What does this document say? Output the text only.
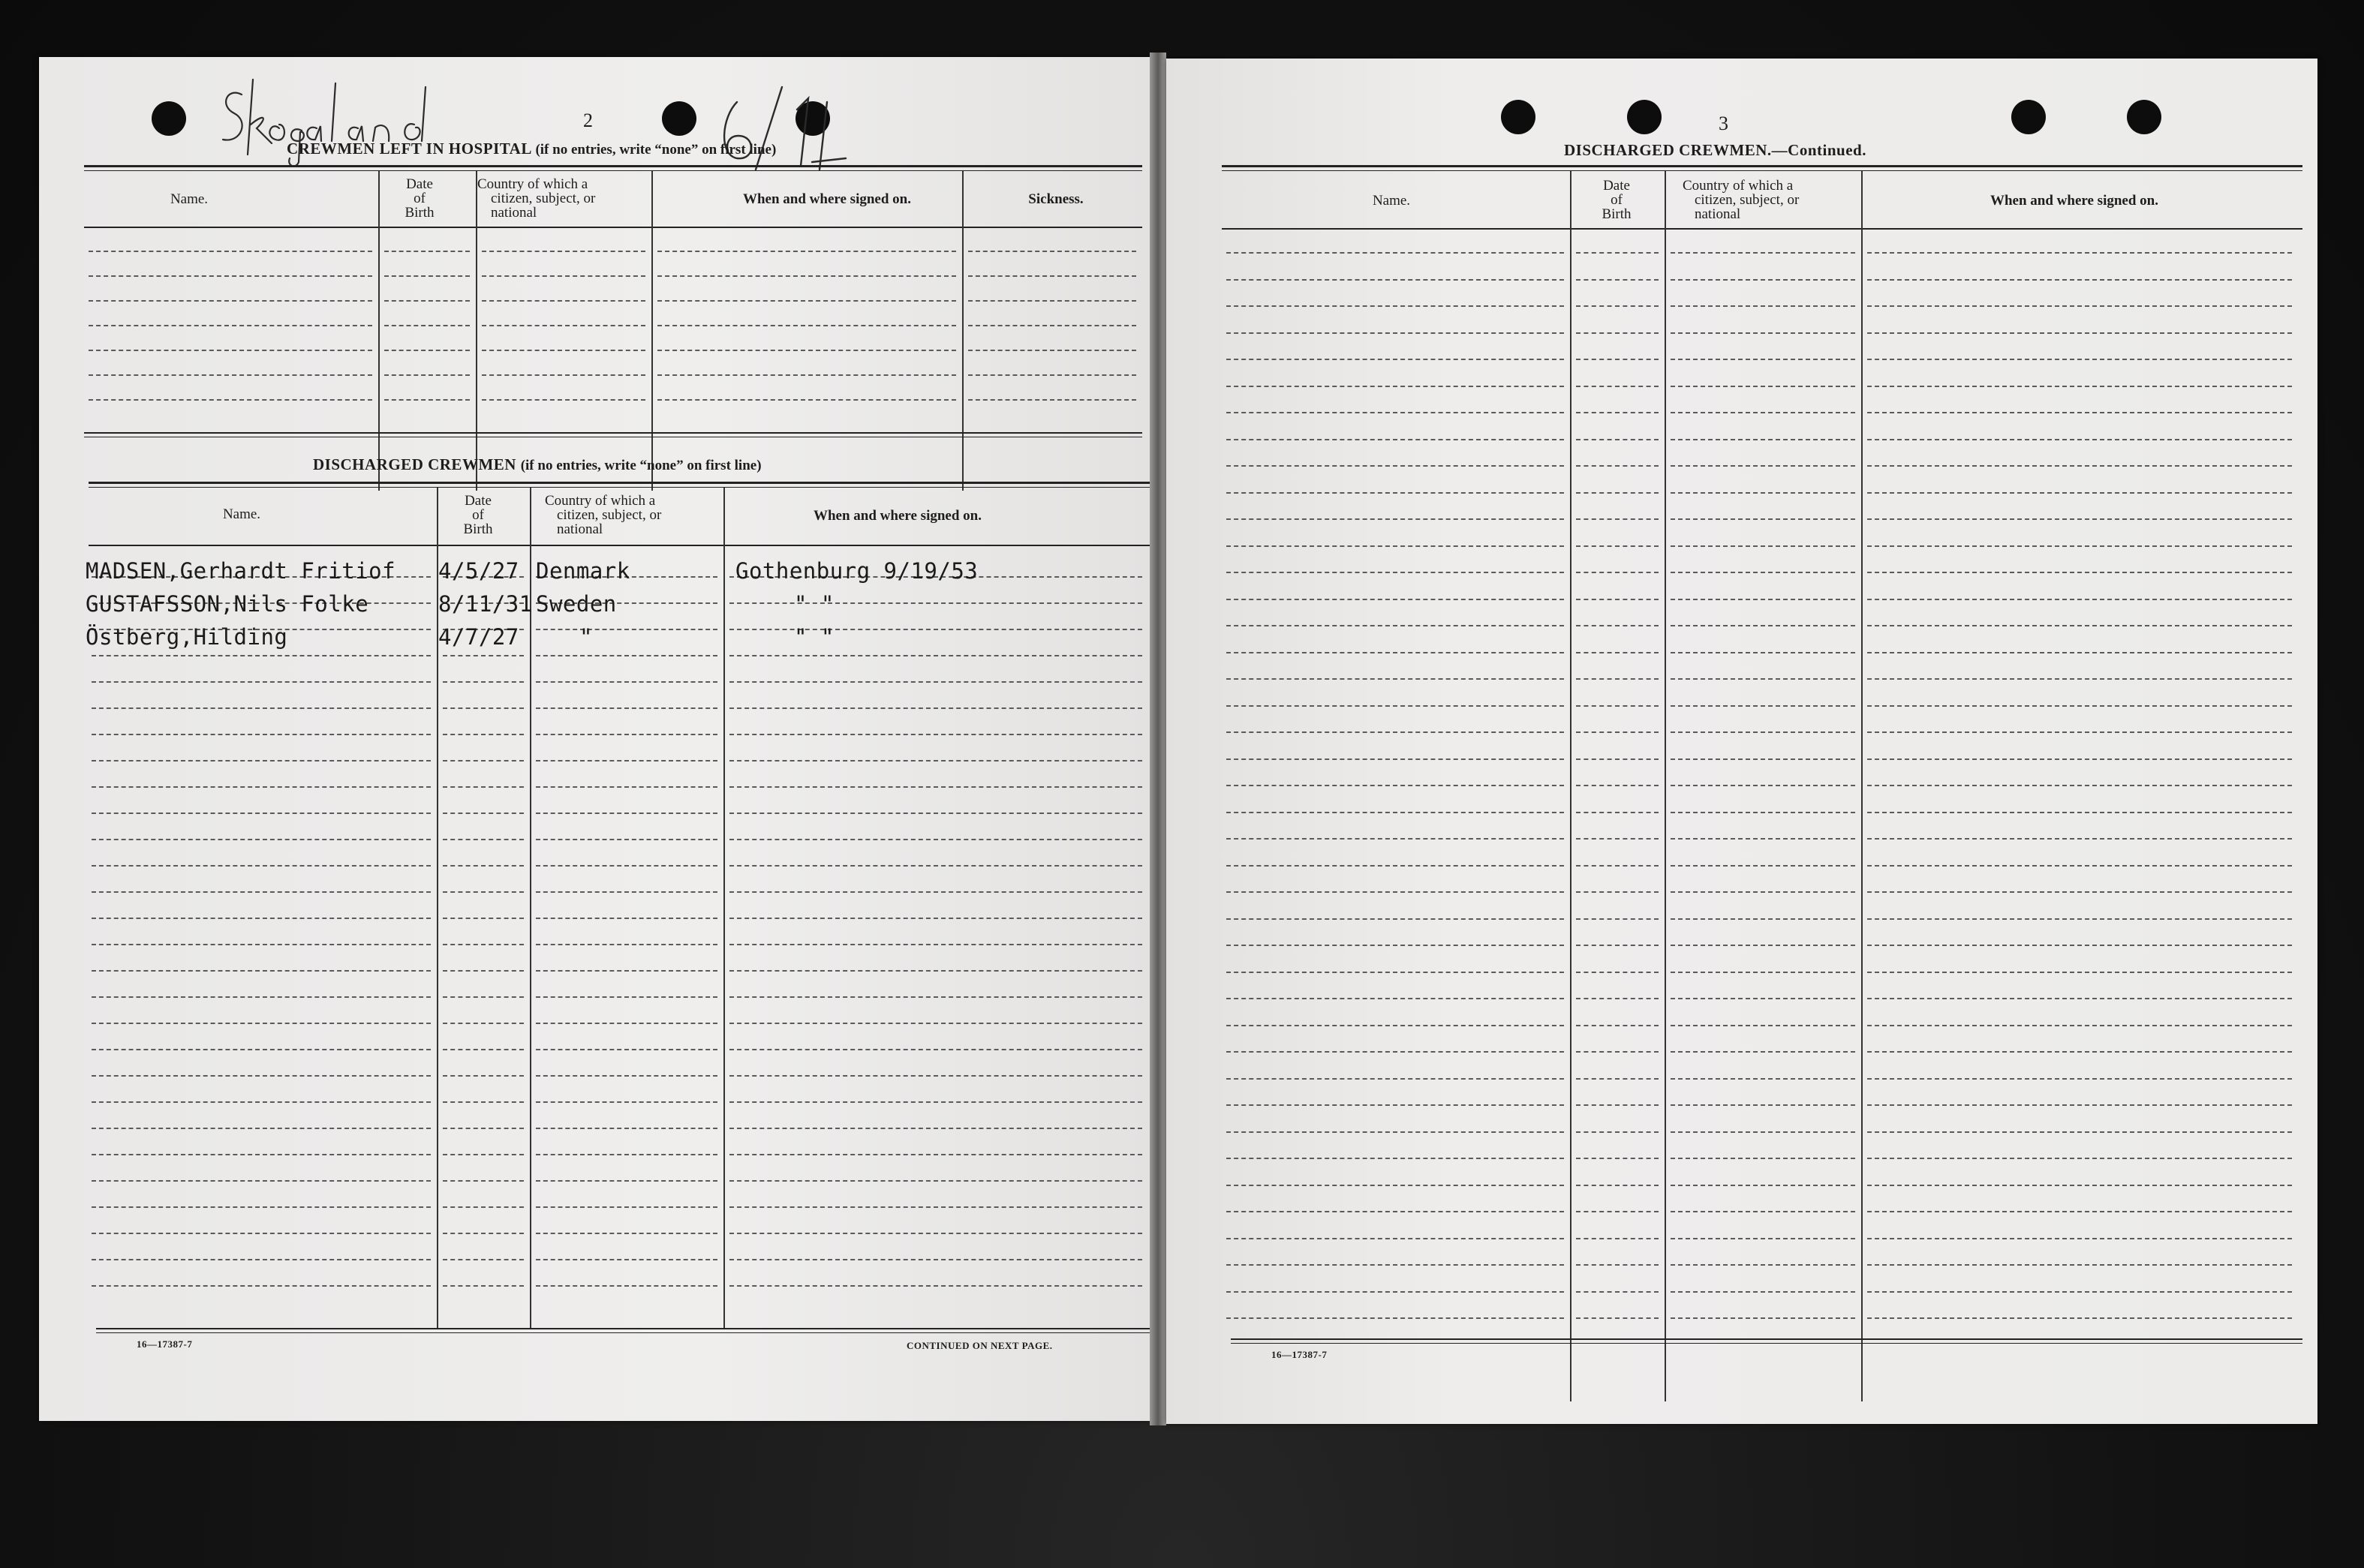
2
CREWMEN LEFT IN HOSPITAL (if no entries, write “none” on first line)
Name.
Date
of
Birth
Country of which a
citizen, subject, or
national
When and where signed on.	Sickness.
DISCHARGED CREWMEN (if no entries, write “none” on first line)
Name.
Date
of
Birth
Country of which a
citizen, subject, or
national
When and where signed on.
MADSEN,Gerhardt Fritiof 4/5/27 Denmark	Gothenburg 9/19/53
GUSTAFSSON,Nils Folke	8/11/31 Sweden	" "
Östberg,Hilding	4/7/27	"	" "
16—17387-7	CONTINUED ON NEXT PAGE.
3
DISCHARGED CREWMEN.—Continued.
Name.
Date
of
Birth
Country of which a
citizen, subject, or
national
When and where signed on.
16—17387-7
